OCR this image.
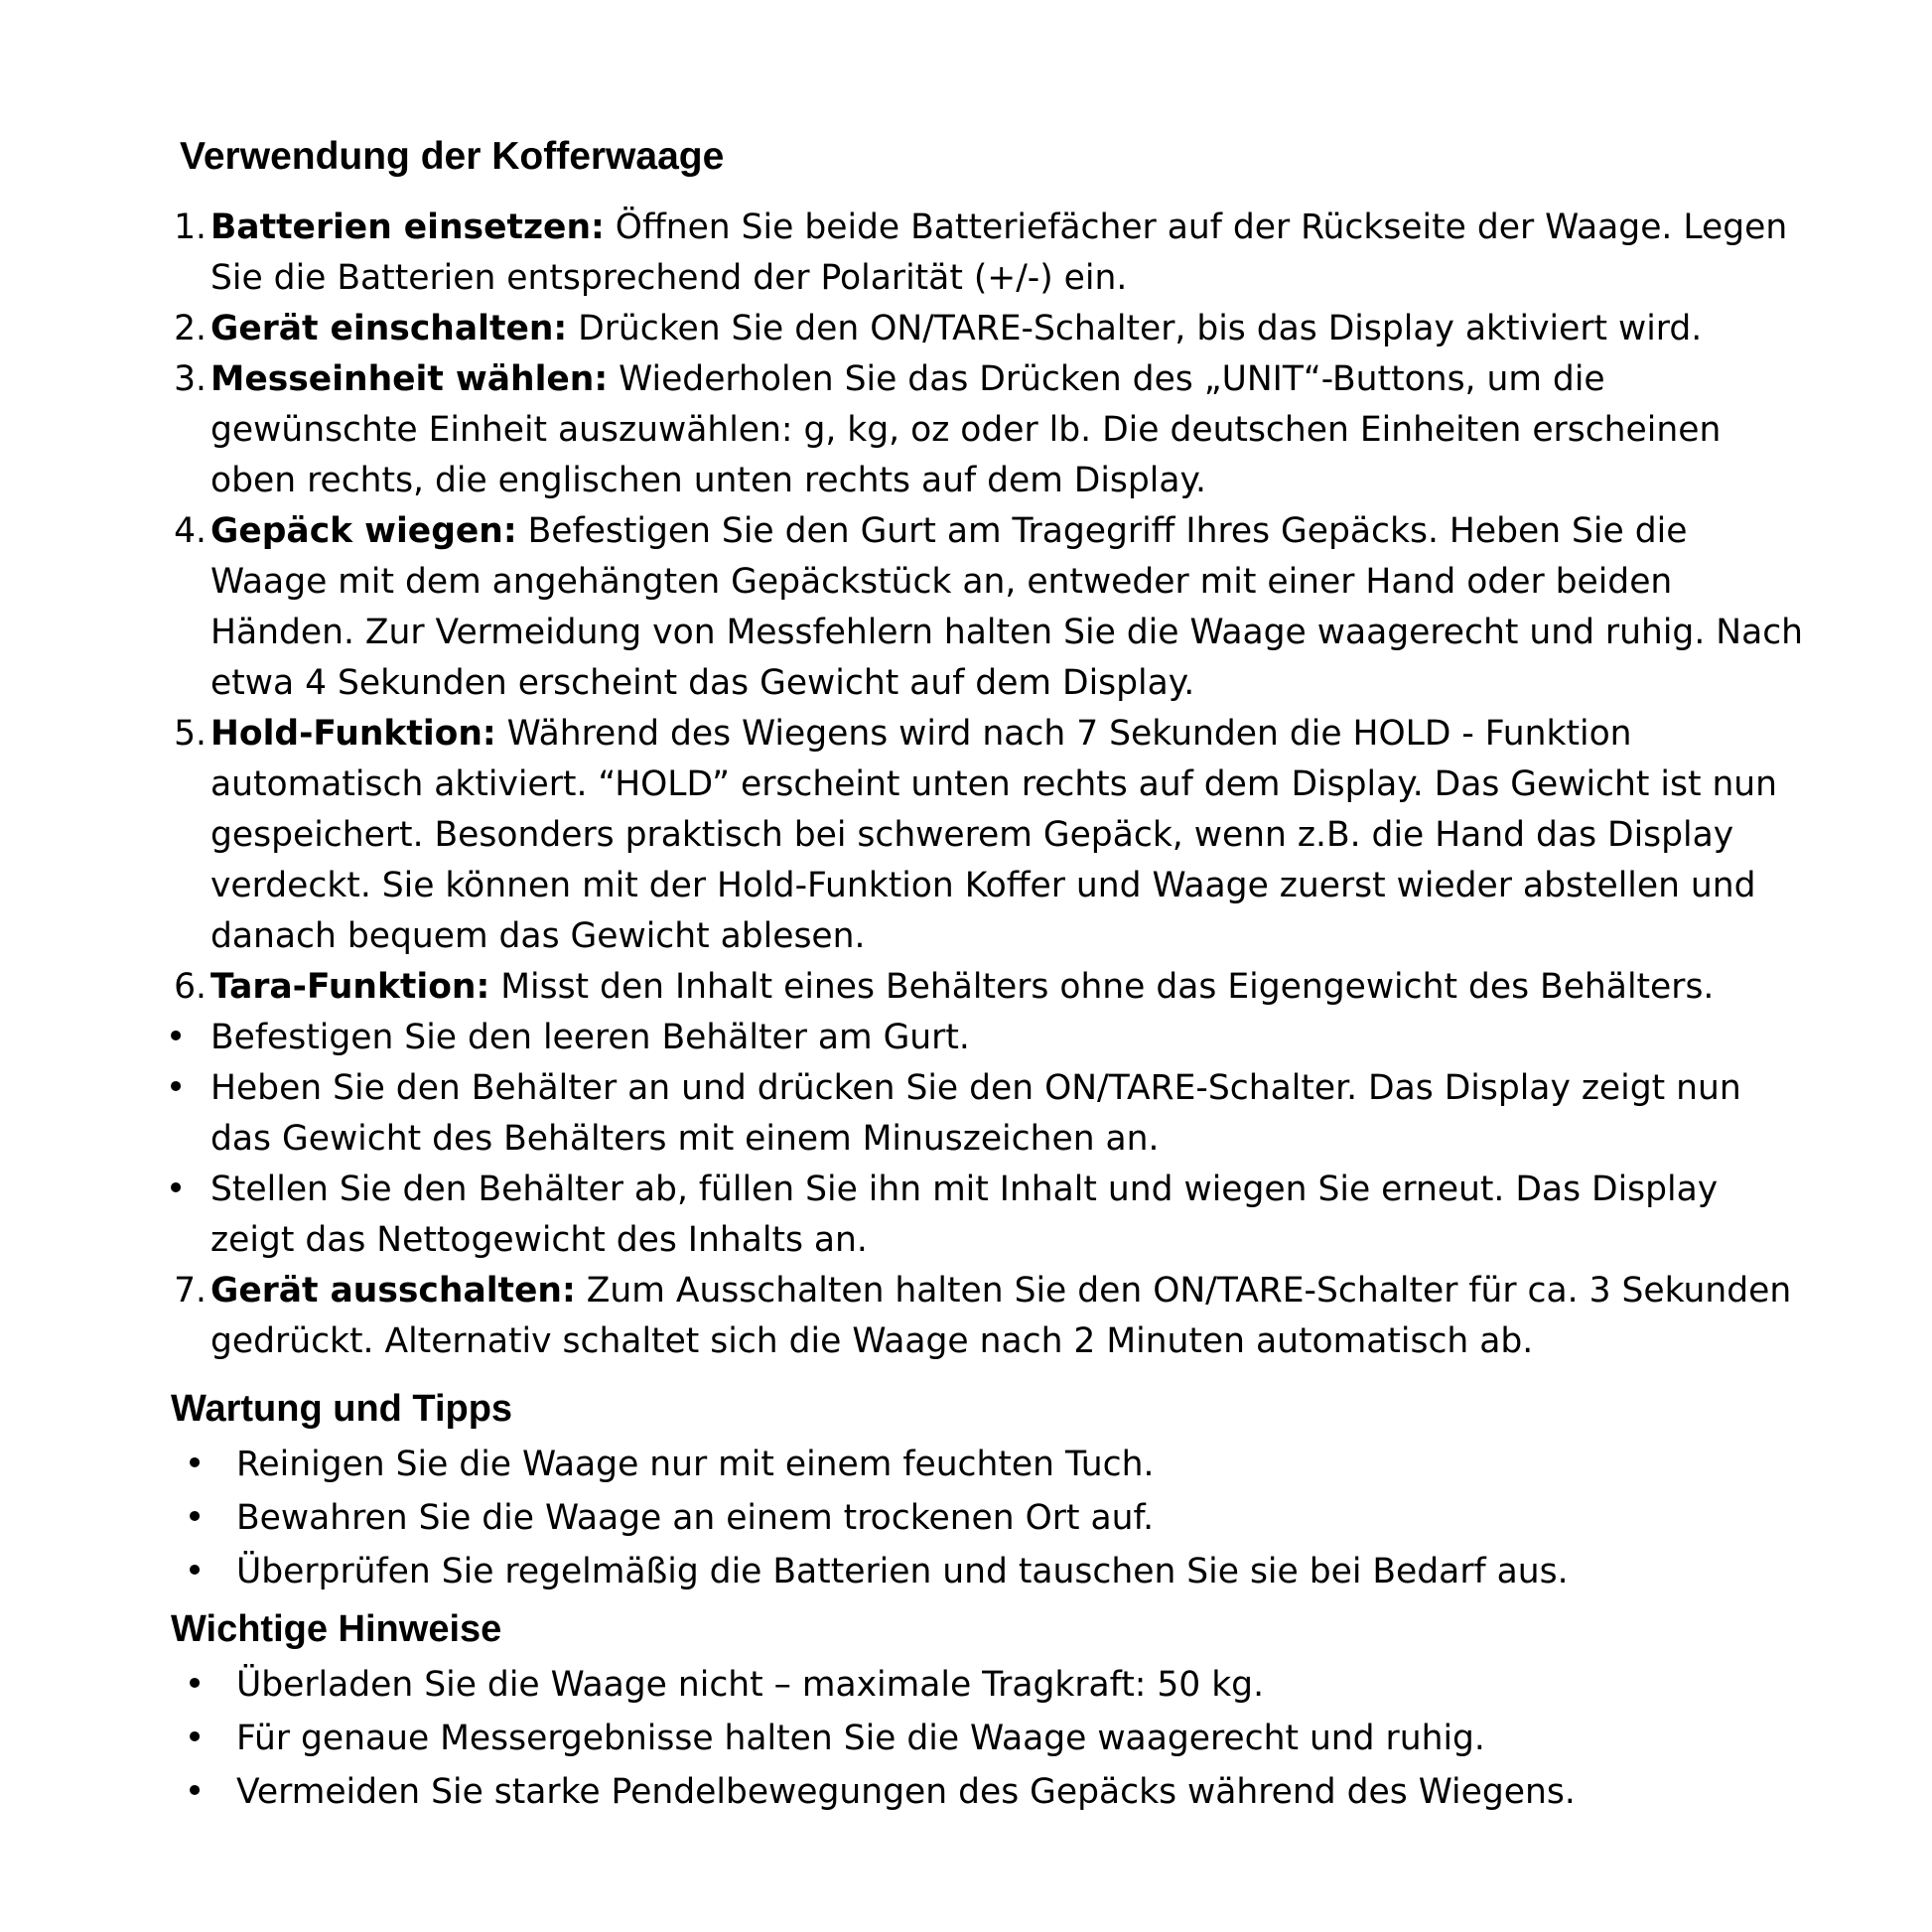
Verwendung der Kofferwaage
1. Batterien einsetzen: Öffnen Sie beide Batteriefächer auf der Rückseite der Waage. Legen Sie die Batterien entsprechend der Polarität (+/-) ein.
2. Gerät einschalten: Drücken Sie den ON/TARE-Schalter, bis das Display aktiviert wird.
3. Messeinheit wählen: Wiederholen Sie das Drücken des „UNIT“-Buttons, um die gewünschte Einheit auszuwählen: g, kg, oz oder lb. Die deutschen Einheiten erscheinen oben rechts, die englischen unten rechts auf dem Display.
4. Gepäck wiegen: Befestigen Sie den Gurt am Tragegriff Ihres Gepäcks. Heben Sie die Waage mit dem angehängten Gepäckstück an, entweder mit einer Hand oder beiden Händen. Zur Vermeidung von Messfehlern halten Sie die Waage waagerecht und ruhig. Nach etwa 4 Sekunden erscheint das Gewicht auf dem Display.
5. Hold-Funktion: Während des Wiegens wird nach 7 Sekunden die HOLD - Funktion automatisch aktiviert. “HOLD” erscheint unten rechts auf dem Display. Das Gewicht ist nun gespeichert. Besonders praktisch bei schwerem Gepäck, wenn z.B. die Hand das Display verdeckt. Sie können mit der Hold-Funktion Koffer und Waage zuerst wieder abstellen und danach bequem das Gewicht ablesen.
6. Tara-Funktion: Misst den Inhalt eines Behälters ohne das Eigengewicht des Behälters.
• Befestigen Sie den leeren Behälter am Gurt.
• Heben Sie den Behälter an und drücken Sie den ON/TARE-Schalter. Das Display zeigt nun das Gewicht des Behälters mit einem Minuszeichen an.
• Stellen Sie den Behälter ab, füllen Sie ihn mit Inhalt und wiegen Sie erneut. Das Display zeigt das Nettogewicht des Inhalts an.
7. Gerät ausschalten: Zum Ausschalten halten Sie den ON/TARE-Schalter für ca. 3 Sekunden gedrückt. Alternativ schaltet sich die Waage nach 2 Minuten automatisch ab.
Wartung und Tipps
• Reinigen Sie die Waage nur mit einem feuchten Tuch.
• Bewahren Sie die Waage an einem trockenen Ort auf.
• Überprüfen Sie regelmäßig die Batterien und tauschen Sie sie bei Bedarf aus.
Wichtige Hinweise
• Überladen Sie die Waage nicht – maximale Tragkraft: 50 kg.
• Für genaue Messergebnisse halten Sie die Waage waagerecht und ruhig.
• Vermeiden Sie starke Pendelbewegungen des Gepäcks während des Wiegens.
